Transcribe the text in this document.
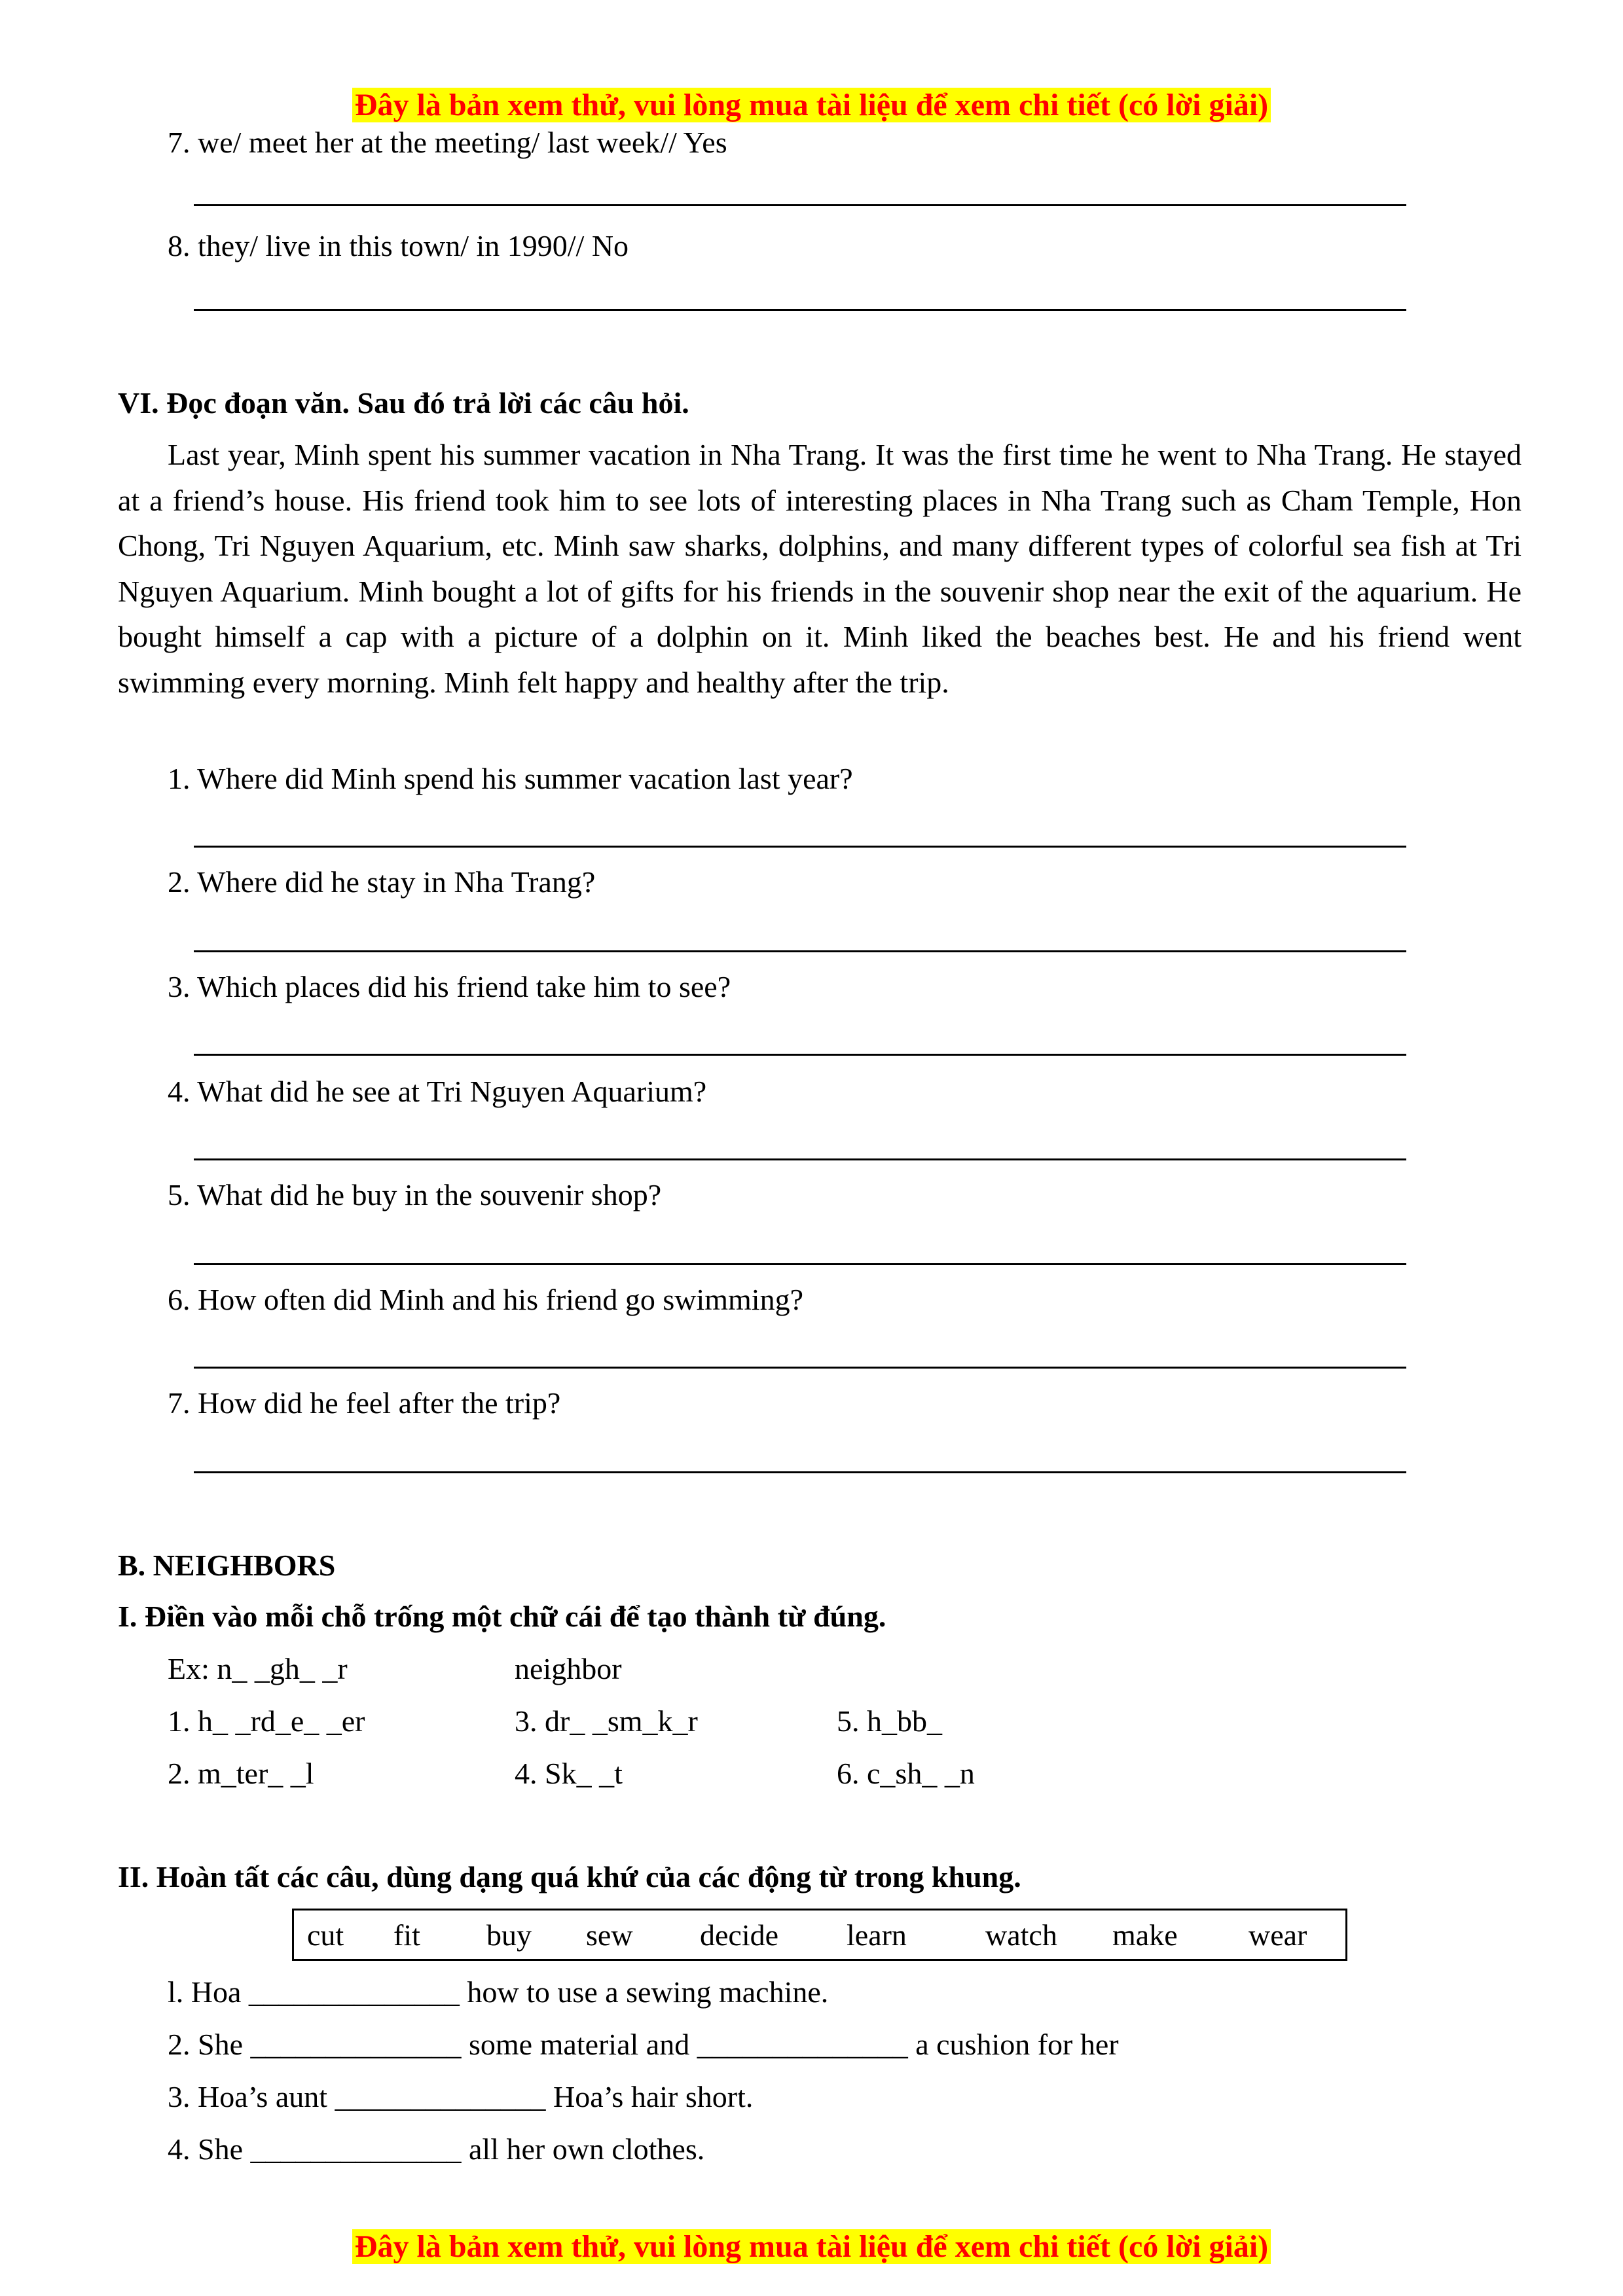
Đây là bản xem thử, vui lòng mua tài liệu để xem chi tiết (có lời giải)
7. we/ meet her at the meeting/ last week// Yes
8. they/ live in this town/ in 1990// No
VI. Đọc đoạn văn. Sau đó trả lời các câu hỏi.
Last year, Minh spent his summer vacation in Nha Trang. It was the first time he went to Nha Trang. He stayed at a friend’s house. His friend took him to see lots of interesting places in Nha Trang such as Cham Temple, Hon Chong, Tri Nguyen Aquarium, etc. Minh saw sharks, dolphins, and many different types of colorful sea fish at Tri Nguyen Aquarium. Minh bought a lot of gifts for his friends in the souvenir shop near the exit of the aquarium. He bought himself a cap with a picture of a dolphin on it. Minh liked the beaches best. He and his friend went swimming every morning. Minh felt happy and healthy after the trip.
1. Where did Minh spend his summer vacation last year?
2. Where did he stay in Nha Trang?
3. Which places did his friend take him to see?
4. What did he see at Tri Nguyen Aquarium?
5. What did he buy in the souvenir shop?
6. How often did Minh and his friend go swimming?
7. How did he feel after the trip?
B. NEIGHBORS
I. Điền vào mỗi chỗ trống một chữ cái để tạo thành từ đúng.
Ex: n_ _gh_ _r	neighbor
1. h_ _rd_e_ _er	3. dr_ _sm_k_r	5. h_bb_
2. m_ter_ _l	4. Sk_ _t	6. c_sh_ _n
II. Hoàn tất các câu, dùng dạng quá khứ của các động từ trong khung.
cut fit buy sew decide learn	watch make wear
l. Hoa ______________ how to use a sewing machine.
2. She ______________ some material and ______________ a cushion for her
3. Hoa’s aunt ______________ Hoa’s hair short.
4. She ______________ all her own clothes.
Đây là bản xem thử, vui lòng mua tài liệu để xem chi tiết (có lời giải)
